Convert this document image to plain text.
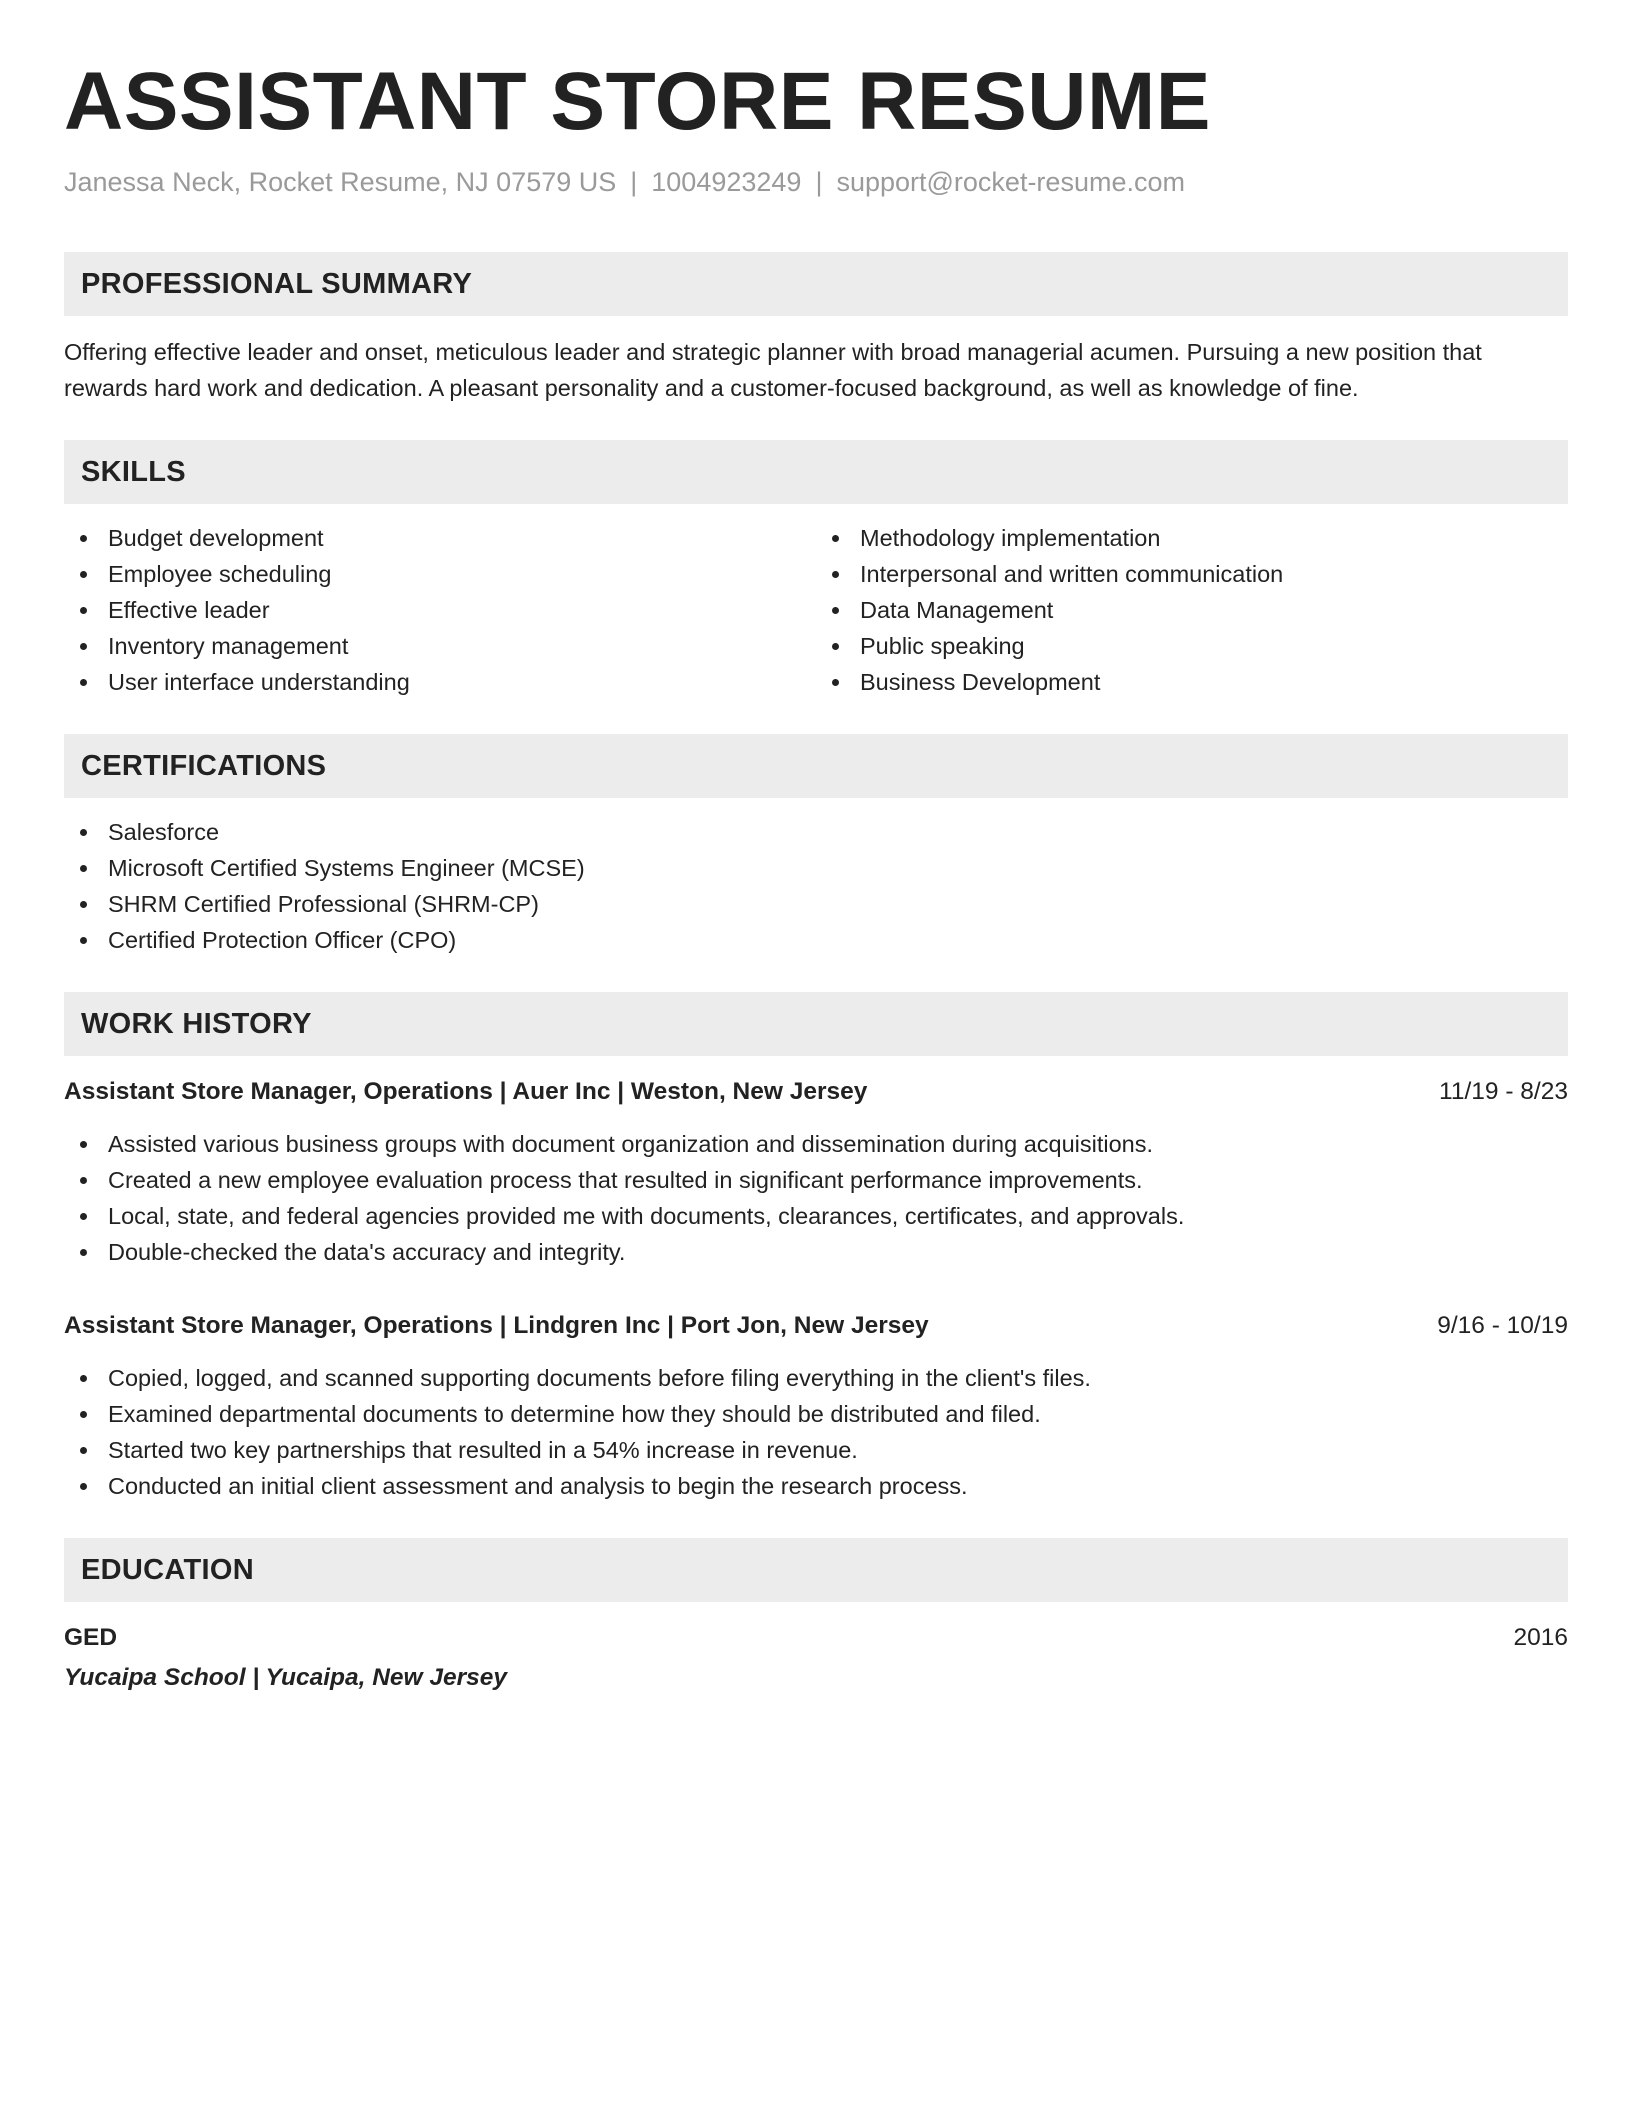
ASSISTANT STORE RESUME
Janessa Neck, Rocket Resume, NJ 07579 US | 1004923249 | support@rocket-resume.com
PROFESSIONAL SUMMARY
Offering effective leader and onset, meticulous leader and strategic planner with broad managerial acumen. Pursuing a new position that rewards hard work and dedication. A pleasant personality and a customer-focused background, as well as knowledge of fine.
SKILLS
Budget development
Employee scheduling
Effective leader
Inventory management
User interface understanding
Methodology implementation
Interpersonal and written communication
Data Management
Public speaking
Business Development
CERTIFICATIONS
Salesforce
Microsoft Certified Systems Engineer (MCSE)
SHRM Certified Professional (SHRM-CP)
Certified Protection Officer (CPO)
WORK HISTORY
Assistant Store Manager, Operations | Auer Inc | Weston, New Jersey	11/19 - 8/23
Assisted various business groups with document organization and dissemination during acquisitions.
Created a new employee evaluation process that resulted in significant performance improvements.
Local, state, and federal agencies provided me with documents, clearances, certificates, and approvals.
Double-checked the data's accuracy and integrity.
Assistant Store Manager, Operations | Lindgren Inc | Port Jon, New Jersey	9/16 - 10/19
Copied, logged, and scanned supporting documents before filing everything in the client's files.
Examined departmental documents to determine how they should be distributed and filed.
Started two key partnerships that resulted in a 54% increase in revenue.
Conducted an initial client assessment and analysis to begin the research process.
EDUCATION
GED	2016
Yucaipa School | Yucaipa, New Jersey
